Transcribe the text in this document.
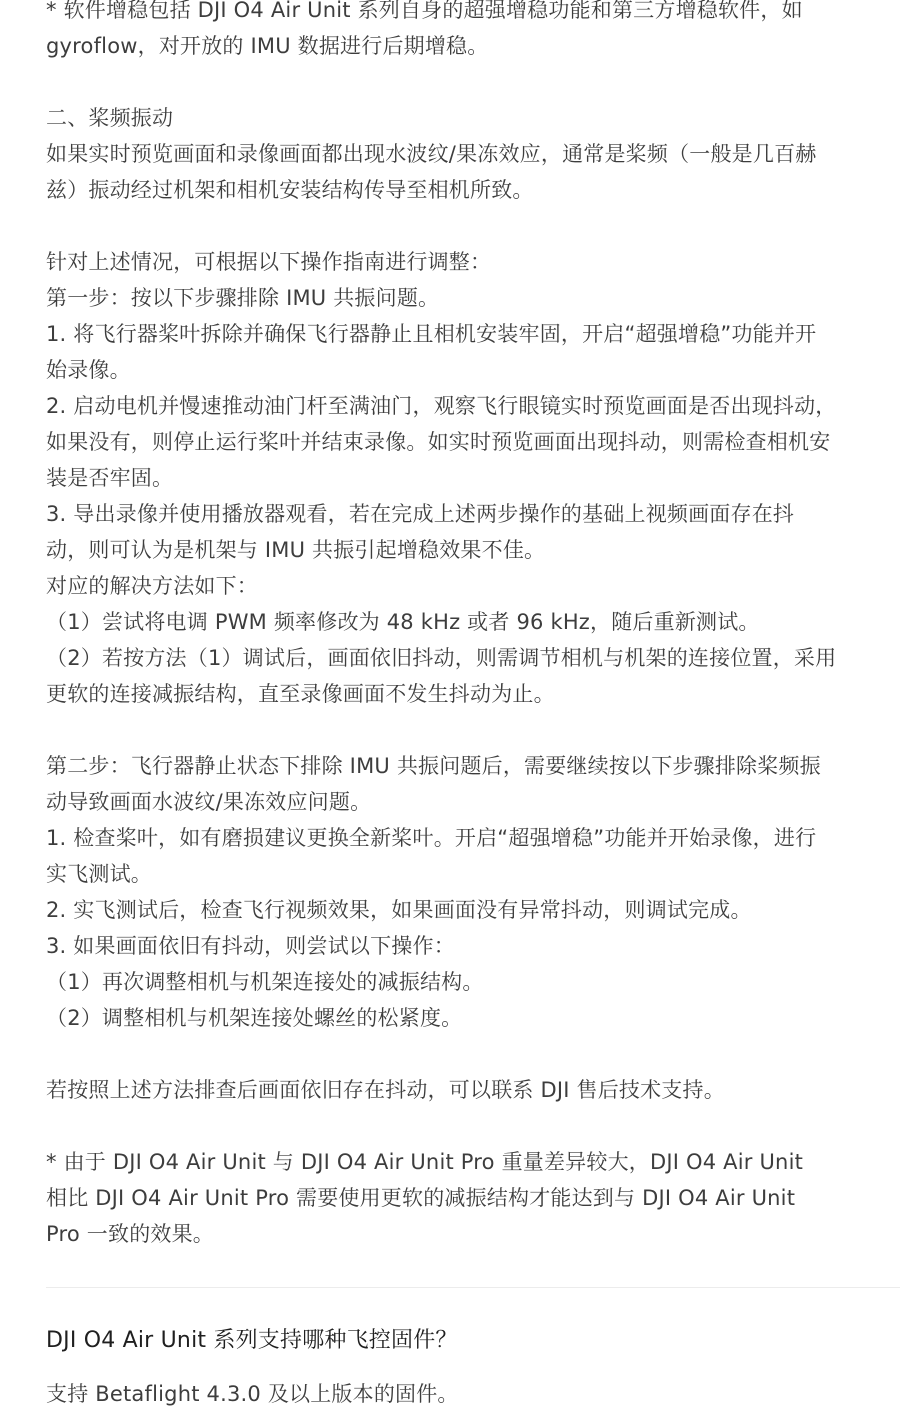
* 软件增稳包括 DJI O4 Air Unit 系列自身的超强增稳功能和第三方增稳软件，如
gyroflow，对开放的 IMU 数据进行后期增稳。
二、桨频振动
如果实时预览画面和录像画面都出现水波纹/果冻效应，通常是桨频（一般是几百赫
兹）振动经过机架和相机安装结构传导至相机所致。
针对上述情况，可根据以下操作指南进行调整：
第一步：按以下步骤排除 IMU 共振问题。
1. 将飞行器桨叶拆除并确保飞行器静止且相机安装牢固，开启“超强增稳”功能并开
始录像。
2. 启动电机并慢速推动油门杆至满油门，观察飞行眼镜实时预览画面是否出现抖动，
如果没有，则停止运行桨叶并结束录像。如实时预览画面出现抖动，则需检查相机安
装是否牢固。
3. 导出录像并使用播放器观看，若在完成上述两步操作的基础上视频画面存在抖
动，则可认为是机架与 IMU 共振引起增稳效果不佳。
对应的解决方法如下：
（1）尝试将电调 PWM 频率修改为 48 kHz 或者 96 kHz，随后重新测试。
（2）若按方法（1）调试后，画面依旧抖动，则需调节相机与机架的连接位置，采用
更软的连接减振结构，直至录像画面不发生抖动为止。
第二步：飞行器静止状态下排除 IMU 共振问题后，需要继续按以下步骤排除桨频振
动导致画面水波纹/果冻效应问题。
1. 检查桨叶，如有磨损建议更换全新桨叶。开启“超强增稳”功能并开始录像，进行
实飞测试。
2. 实飞测试后，检查飞行视频效果，如果画面没有异常抖动，则调试完成。
3. 如果画面依旧有抖动，则尝试以下操作：
（1）再次调整相机与机架连接处的减振结构。
（2）调整相机与机架连接处螺丝的松紧度。
若按照上述方法排查后画面依旧存在抖动，可以联系 DJI 售后技术支持。
* 由于 DJI O4 Air Unit 与 DJI O4 Air Unit Pro 重量差异较大，DJI O4 Air Unit
相比 DJI O4 Air Unit Pro 需要使用更软的减振结构才能达到与 DJI O4 Air Unit
Pro 一致的效果。
DJI O4 Air Unit 系列支持哪种飞控固件？
支持 Betaflight 4.3.0 及以上版本的固件。
